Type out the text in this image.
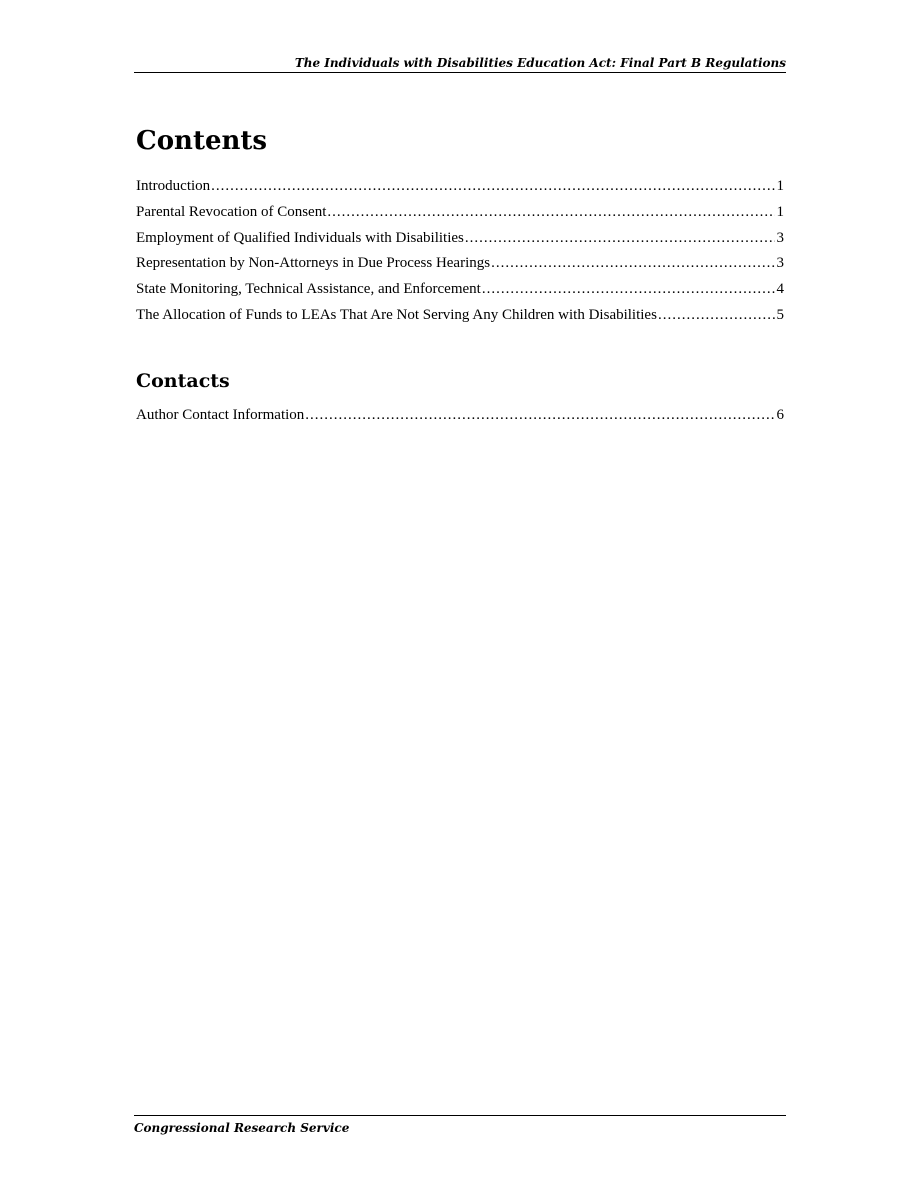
The Individuals with Disabilities Education Act: Final Part B Regulations
Contents
Introduction .....	1
Parental Revocation of Consent .....	1
Employment of Qualified Individuals with Disabilities .....	3
Representation by Non-Attorneys in Due Process Hearings .....	3
State Monitoring, Technical Assistance, and Enforcement .....	4
The Allocation of Funds to LEAs That Are Not Serving Any Children with Disabilities .....	5
Contacts
Author Contact Information .....	6
Congressional Research Service
